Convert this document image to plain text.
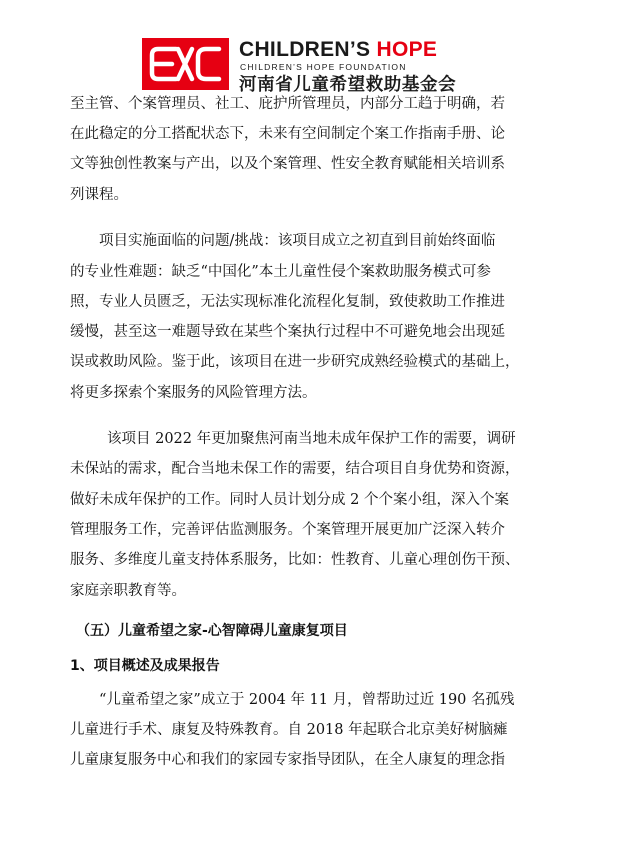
CHILDREN’S HOPE
CHILDREN’S HOPE FOUNDATION
河南省儿童希望救助基金会
至主管、个案管理员、社工、庇护所管理员，内部分工趋于明确，若
在此稳定的分工搭配状态下，未来有空间制定个案工作指南手册、论
文等独创性教案与产出，以及个案管理、性安全教育赋能相关培训系
列课程。
项目实施面临的问题/挑战：该项目成立之初直到目前始终面临
的专业性难题：缺乏“中国化”本土儿童性侵个案救助服务模式可参
照，专业人员匮乏，无法实现标准化流程化复制，致使救助工作推进
缓慢，甚至这一难题导致在某些个案执行过程中不可避免地会出现延
误或救助风险。鉴于此，该项目在进一步研究成熟经验模式的基础上，
将更多探索个案服务的风险管理方法。
该项目 2022 年更加聚焦河南当地未成年保护工作的需要，调研
未保站的需求，配合当地未保工作的需要，结合项目自身优势和资源，
做好未成年保护的工作。同时人员计划分成 2 个个案小组，深入个案
管理服务工作，完善评估监测服务。个案管理开展更加广泛深入转介
服务、多维度儿童支持体系服务，比如：性教育、儿童心理创伤干预、
家庭亲职教育等。
（五）儿童希望之家-心智障碍儿童康复项目
1、项目概述及成果报告
“儿童希望之家”成立于 2004 年 11 月，曾帮助过近 190 名孤残
儿童进行手术、康复及特殊教育。自 2018 年起联合北京美好树脑瘫
儿童康复服务中心和我们的家园专家指导团队，在全人康复的理念指
